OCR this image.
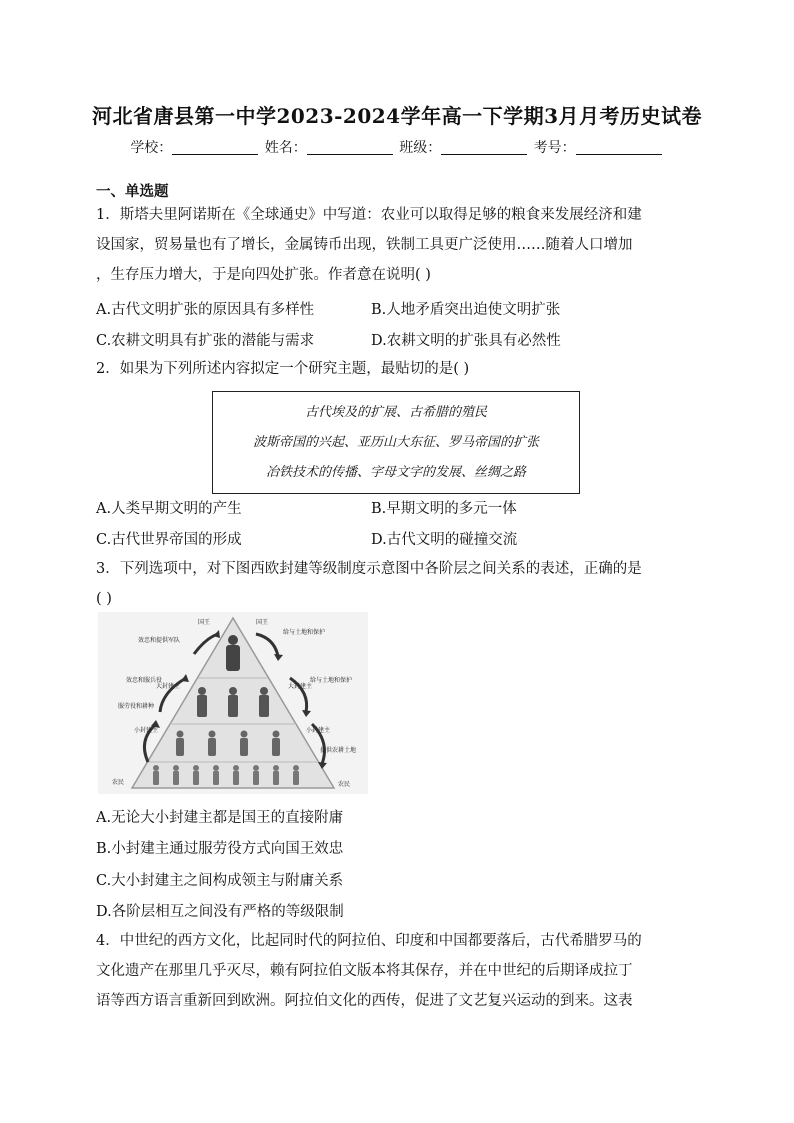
河北省唐县第一中学2023-2024学年高一下学期3月月考历史试卷
学校：	姓名：	班级：	考号：
一、单选题
1．斯塔夫里阿诺斯在《全球通史》中写道：农业可以取得足够的粮食来发展经济和建
设国家，贸易量也有了增长，金属铸币出现，铁制工具更广泛使用……随着人口增加
，生存压力增大，于是向四处扩张。作者意在说明( )
A.古代文明扩张的原因具有多样性	B.人地矛盾突出迫使文明扩张
C.农耕文明具有扩张的潜能与需求	D.农耕文明的扩张具有必然性
2．如果为下列所述内容拟定一个研究主题，最贴切的是( )
古代埃及的扩展、古希腊的殖民
波斯帝国的兴起、亚历山大东征、罗马帝国的扩张
冶铁技术的传播、字母文字的发展、丝绸之路
A.人类早期文明的产生	B.早期文明的多元一体
C.古代世界帝国的形成	D.古代文明的碰撞交流
3．下列选项中，对下图西欧封建等级制度示意图中各阶层之间关系的表述，正确的是
( )
服劳役和耕种
效忠和服兵役
效忠和提供军队
给与土地和保护
给与土地和保护
提供农耕土地
国王	国王
大封建主	大封建主
小封建主	小封建主
农民	农民
A.无论大小封建主都是国王的直接附庸
B.小封建主通过服劳役方式向国王效忠
C.大小封建主之间构成领主与附庸关系
D.各阶层相互之间没有严格的等级限制
4．中世纪的西方文化，比起同时代的阿拉伯、印度和中国都要落后，古代希腊罗马的
文化遗产在那里几乎灭尽，赖有阿拉伯文版本将其保存，并在中世纪的后期译成拉丁
语等西方语言重新回到欧洲。阿拉伯文化的西传，促进了文艺复兴运动的到来。这表
